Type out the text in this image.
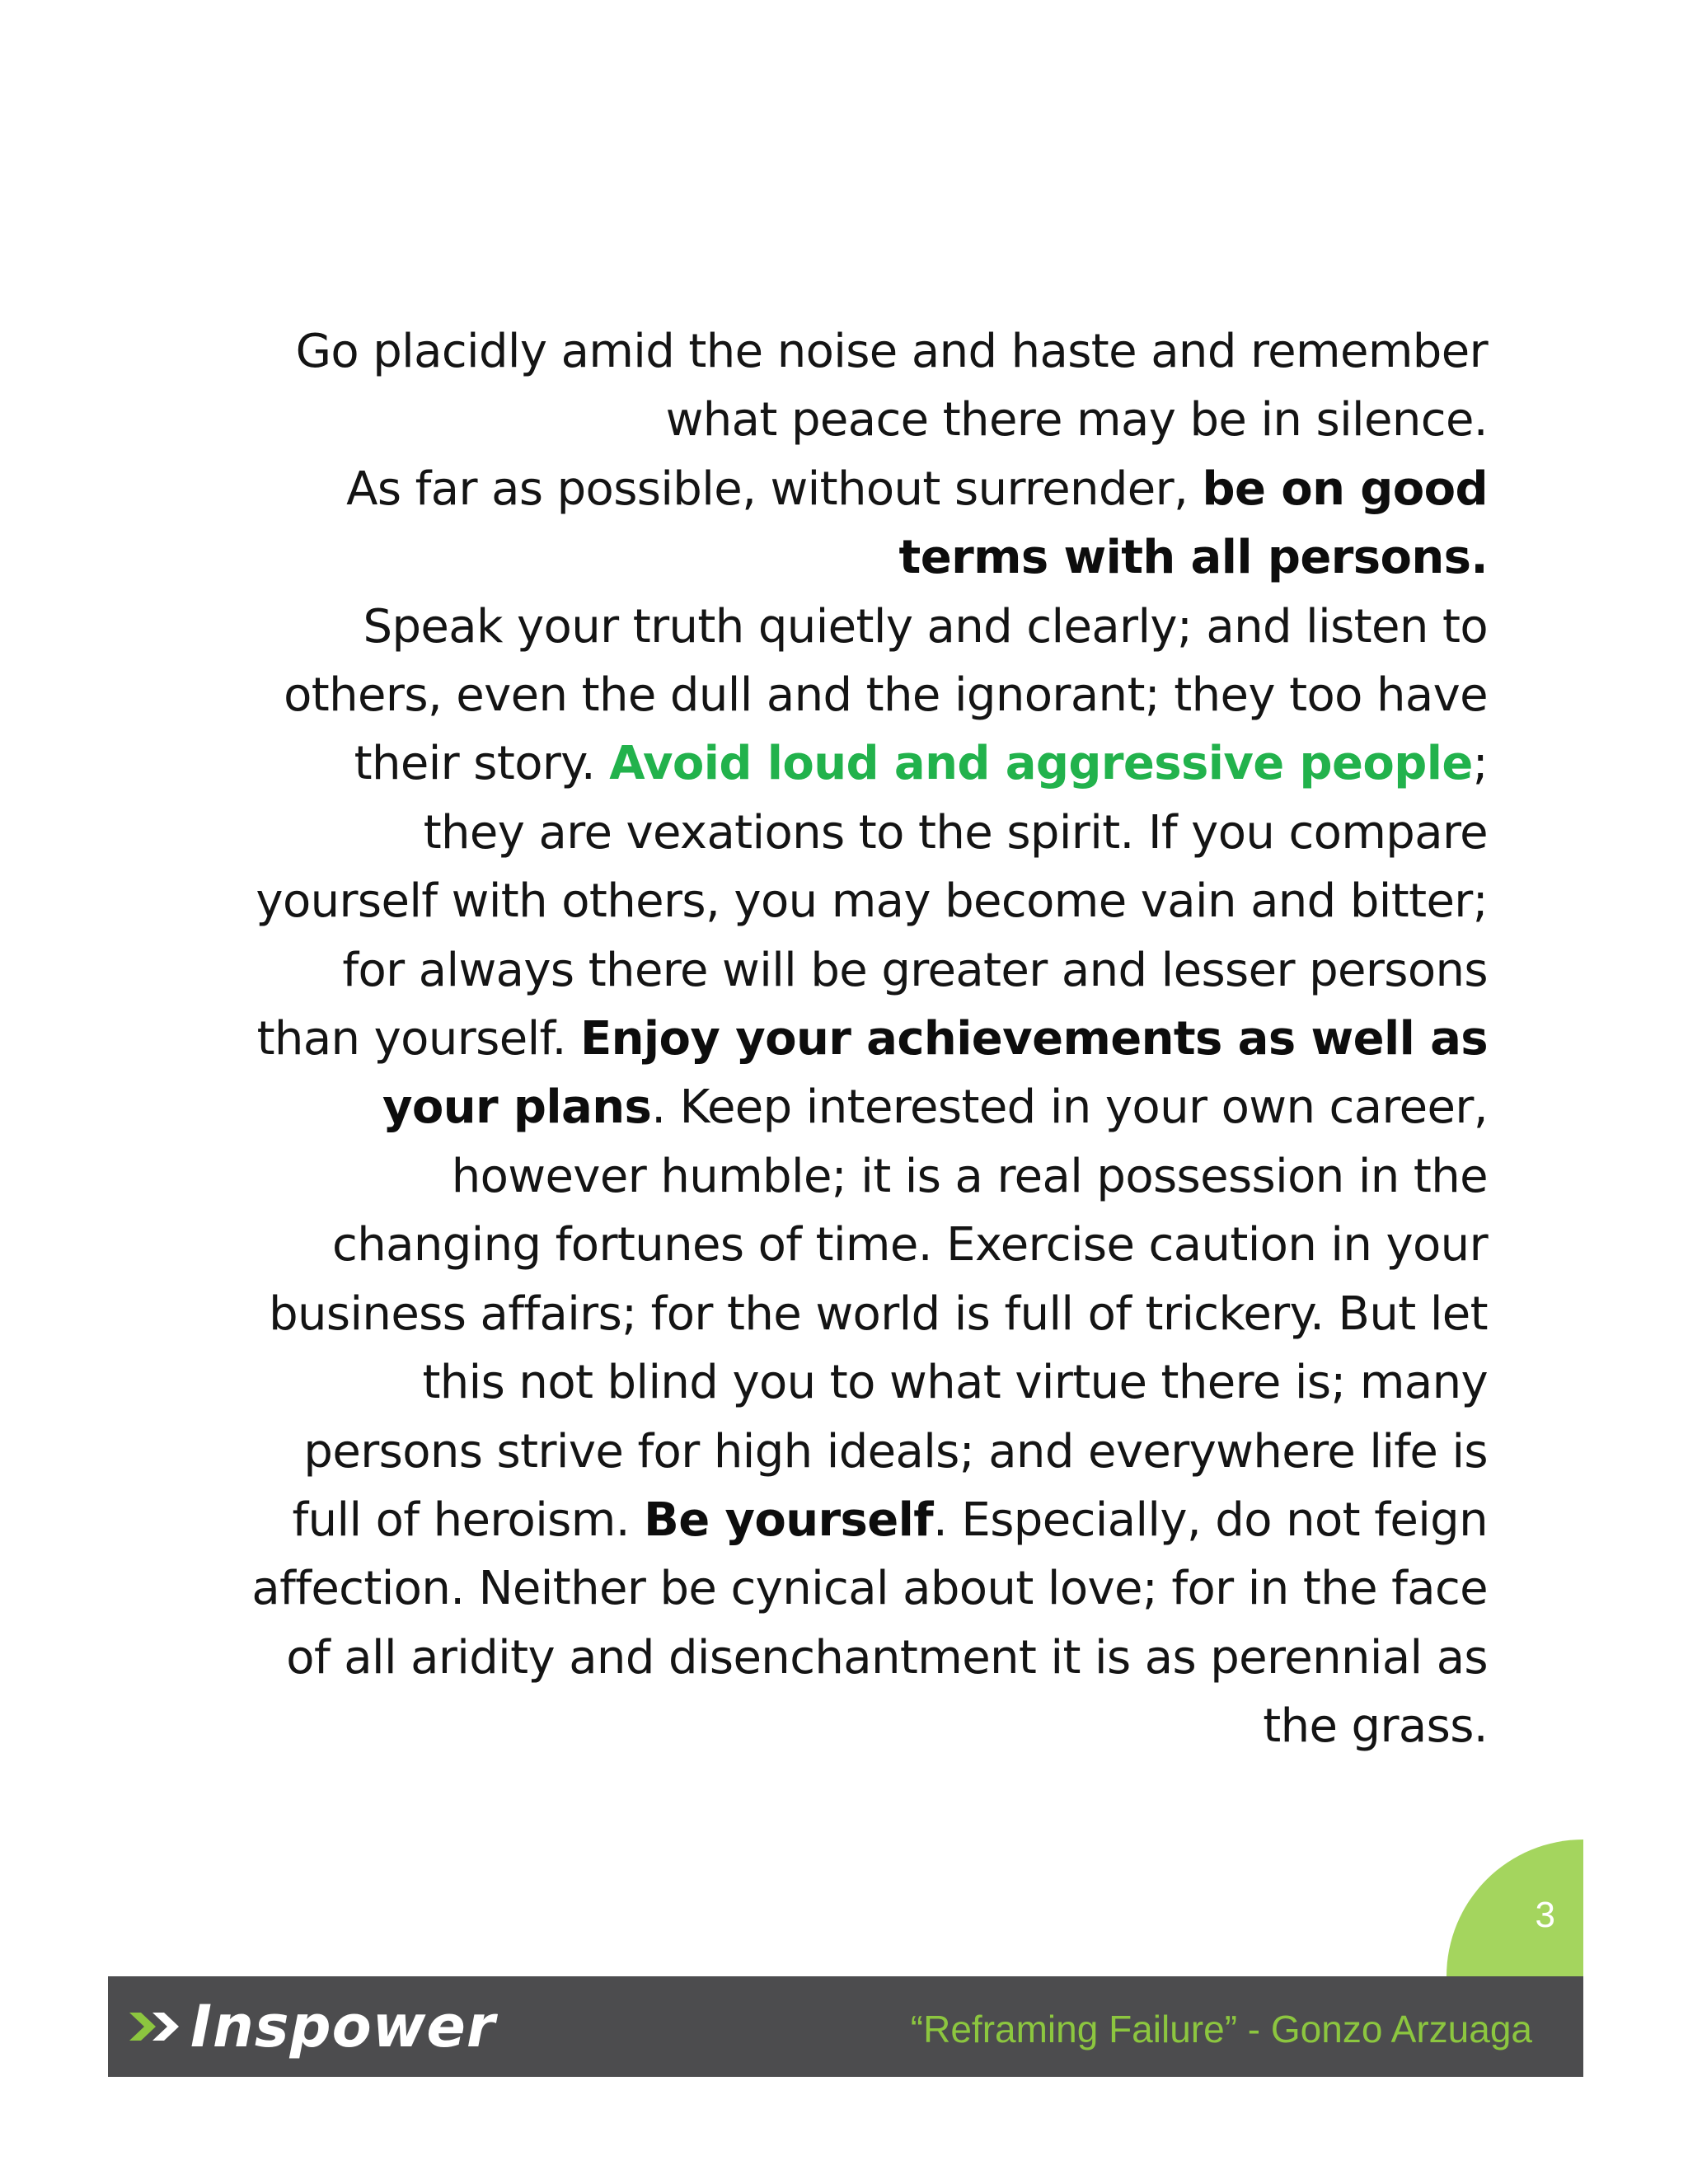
Go placidly amid the noise and haste and remember what peace there may be in silence.

As far as possible, without surrender, be on good terms with all persons.

Speak your truth quietly and clearly; and listen to others, even the dull and the ignorant; they too have their story. Avoid loud and aggressive people; they are vexations to the spirit. If you compare yourself with others, you may become vain and bitter; for always there will be greater and lesser persons than yourself. Enjoy your achievements as well as your plans. Keep interested in your own career, however humble; it is a real possession in the changing fortunes of time. Exercise caution in your business affairs; for the world is full of trickery. But let this not blind you to what virtue there is; many persons strive for high ideals; and everywhere life is full of heroism. Be yourself. Especially, do not feign affection. Neither be cynical about love; for in the face of all aridity and disenchantment it is as perennial as the grass.

3
Inspower	“Reframing Failure” - Gonzo Arzuaga
